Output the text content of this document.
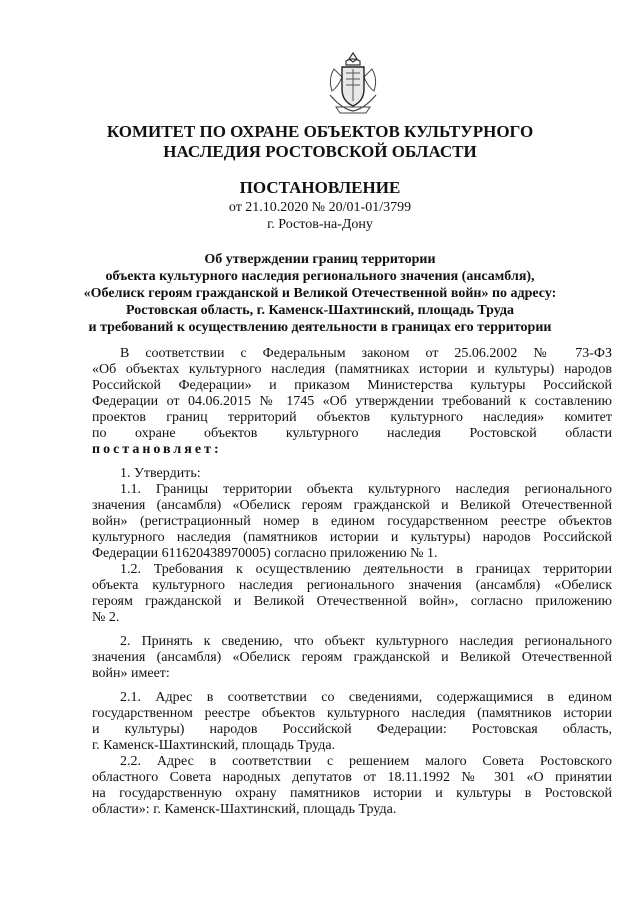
КОМИТЕТ ПО ОХРАНЕ ОБЪЕКТОВ КУЛЬТУРНОГО
НАСЛЕДИЯ РОСТОВСКОЙ ОБЛАСТИ
ПОСТАНОВЛЕНИЕ
от 21.10.2020 № 20/01-01/3799
г. Ростов-на-Дону
Об утверждении границ территории
объекта культурного наследия регионального значения (ансамбля),
«Обелиск героям гражданской и Великой Отечественной войн» по адресу:
Ростовская область, г. Каменск-Шахтинский, площадь Труда
и требований к осуществлению деятельности в границах его территории
В соответствии с Федеральным законом от 25.06.2002 № 73-ФЗ
«Об объектах культурного наследия (памятниках истории и культуры) народов
Российской Федерации» и приказом Министерства культуры Российской
Федерации от 04.06.2015 № 1745 «Об утверждении требований к составлению
проектов границ территорий объектов культурного наследия» комитет
по охране объектов культурного наследия Ростовской области
постановляет:
1. Утвердить:
1.1. Границы территории объекта культурного наследия регионального
значения (ансамбля) «Обелиск героям гражданской и Великой Отечественной
войн» (регистрационный номер в едином государственном реестре объектов
культурного наследия (памятников истории и культуры) народов Российской
Федерации 611620438970005) согласно приложению № 1.
1.2. Требования к осуществлению деятельности в границах территории
объекта культурного наследия регионального значения (ансамбля) «Обелиск
героям гражданской и Великой Отечественной войн», согласно приложению
№ 2.
2. Принять к сведению, что объект культурного наследия регионального
значения (ансамбля) «Обелиск героям гражданской и Великой Отечественной
войн» имеет:
2.1. Адрес в соответствии со сведениями, содержащимися в едином
государственном реестре объектов культурного наследия (памятников истории
и культуры) народов Российской Федерации: Ростовская область,
г. Каменск-Шахтинский, площадь Труда.
2.2. Адрес в соответствии с решением малого Совета Ростовского
областного Совета народных депутатов от 18.11.1992 № 301 «О принятии
на государственную охрану памятников истории и культуры в Ростовской
области»: г. Каменск-Шахтинский, площадь Труда.
